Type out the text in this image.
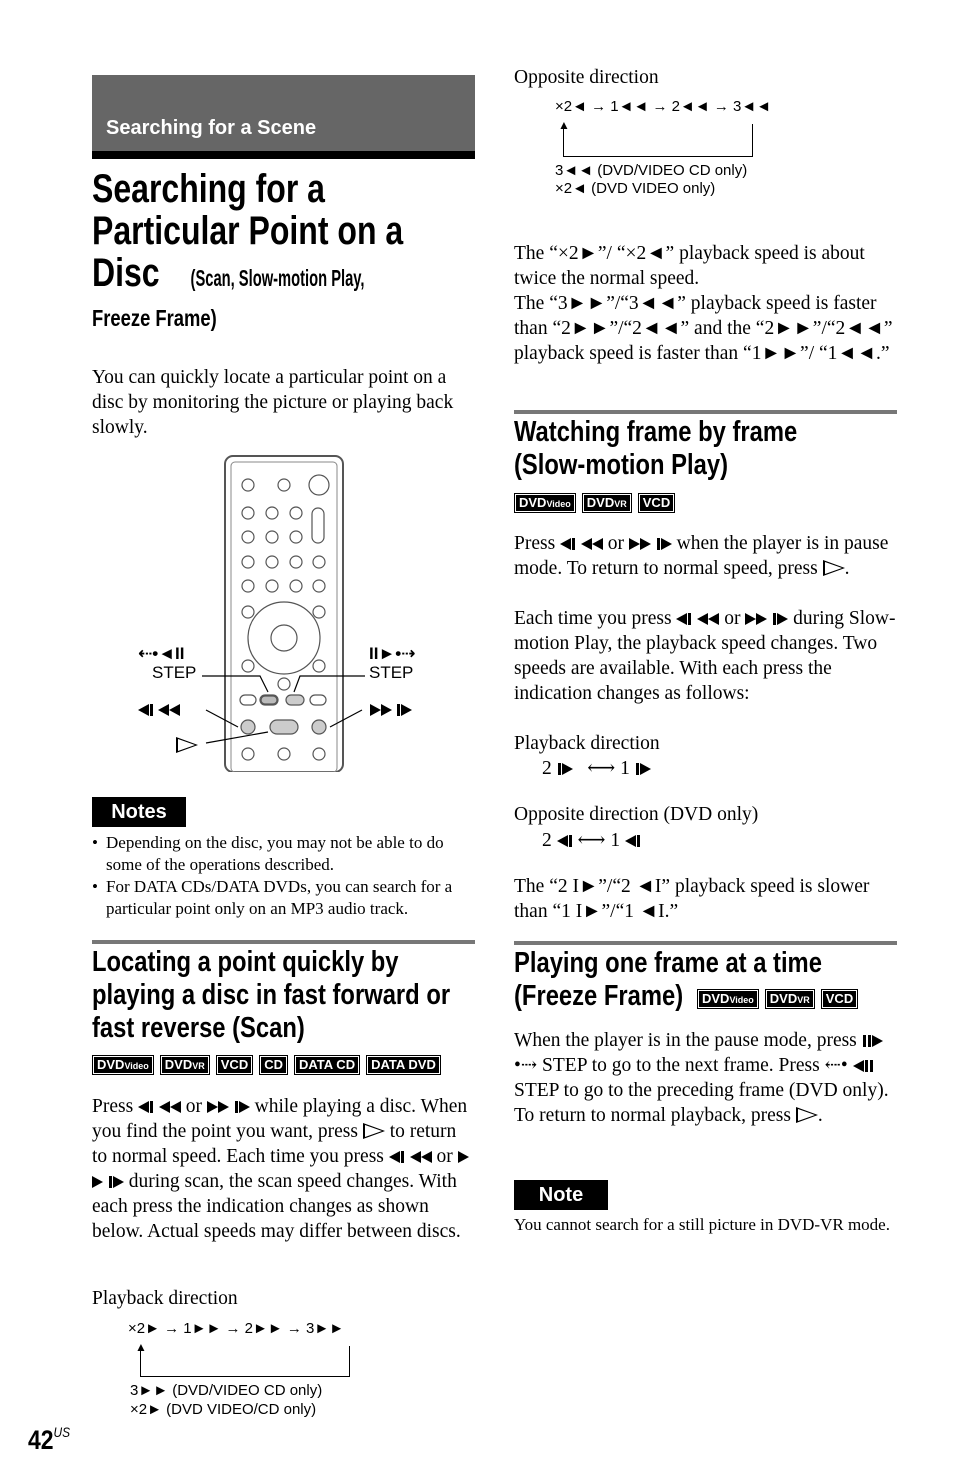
Searching for a Scene
Searching for a
Particular Point on a
Disc (Scan, Slow-motion Play,
Freeze Frame)
You can quickly locate a particular point on a disc by monitoring the picture or playing back slowly.
⇠•◄II
STEP
II►•⇢
STEP

Notes
• Depending on the disc, you may not be able to do some of the operations described.
• For DATA CDs/DATA DVDs, you can search for a particular point only on an MP3 audio track.
Locating a point quickly by
playing a disc in fast forward or
fast reverse (Scan)
DVDVideo DVDVR VCD CD DATA CD DATA DVD
Press	or	while playing a disc. When you find the point you want, press to return to normal speed. Each time you press	or   during scan, the scan speed changes. With each press the indication changes as shown below. Actual speeds may differ between discs.
Playback direction
×2► → 1►► → 2►► → 3►►
▲
3►► (DVD/VIDEO CD only)
×2► (DVD VIDEO/CD only)
Opposite direction
×2◄ → 1◄◄ → 2◄◄ → 3◄◄
▲
3◄◄ (DVD/VIDEO CD only)
×2◄ (DVD VIDEO only)
The “×2►”/ “×2◄” playback speed is about twice the normal speed.
The “3►►”/“3◄◄” playback speed is faster than “2►►”/“2◄◄” and the “2►►”/“2◄◄” playback speed is faster than “1►►”/ “1◄◄.”
Watching frame by frame
(Slow-motion Play)
DVDVideo DVDVR VCD
Press	or	when the player is in pause mode. To return to normal speed, press .
Each time you press	or	during Slow-motion Play, the playback speed changes. Two speeds are available. With each press the indication changes as follows:
Playback direction
2    ⟷ 1
Opposite direction (DVD only)
2  ⟷ 1
The “2 I►”/“2 ◄I” playback speed is slower than “1 I►”/“1 ◄I.”
Playing one frame at a time
(Freeze Frame)	DVDVideo DVDVR VCD
When the player is in the pause mode, press  •⇢ STEP to go to the next frame. Press ⇠•  STEP to go to the preceding frame (DVD only). To return to normal playback, press .
Note
You cannot search for a still picture in DVD-VR mode.
$42^{US}$
